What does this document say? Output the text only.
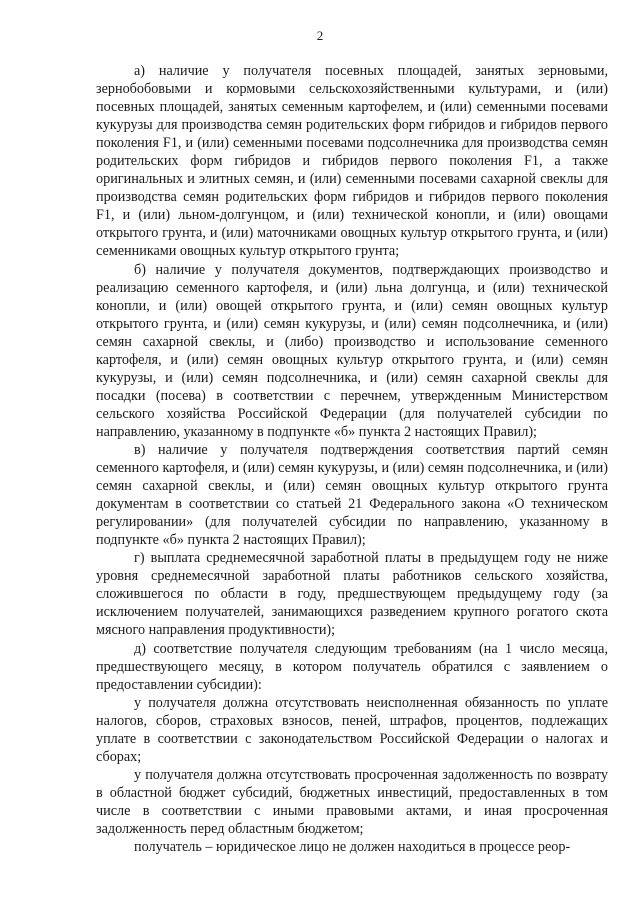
2

а) наличие у получателя посевных площадей, занятых зерновыми, зернобобовыми и кормовыми сельскохозяйственными культурами, и (или) посевных площадей, занятых семенным картофелем, и (или) семенными посевами кукурузы для производства семян родительских форм гибридов и гибридов первого поколения F1, и (или) семенными посевами подсолнечника для производства семян родительских форм гибридов и гибридов первого поколения F1, а также оригинальных и элитных семян, и (или) семенными посевами сахарной свеклы для производства семян родительских форм гибридов и гибридов первого поколения F1, и (или) льном-долгунцом, и (или) технической конопли, и (или) овощами открытого грунта, и (или) маточниками овощных культур открытого грунта, и (или) семенниками овощных культур открытого грунта;

б) наличие у получателя документов, подтверждающих производство и реализацию семенного картофеля, и (или) льна долгунца, и (или) технической конопли, и (или) овощей открытого грунта, и (или) семян овощных культур открытого грунта, и (или) семян кукурузы, и (или) семян подсолнечника, и (или) семян сахарной свеклы, и (либо) производство и использование семенного картофеля, и (или) семян овощных культур открытого грунта, и (или) семян кукурузы, и (или) семян подсолнечника, и (или) семян сахарной свеклы для посадки (посева) в соответствии с перечнем, утвержденным Министерством сельского хозяйства Российской Федерации (для получателей субсидии по направлению, указанному в подпункте «б» пункта 2 настоящих Правил);

в) наличие у получателя подтверждения соответствия партий семян семенного картофеля, и (или) семян кукурузы, и (или) семян подсолнечника, и (или) семян сахарной свеклы, и (или) семян овощных культур открытого грунта документам в соответствии со статьей 21 Федерального закона «О техническом регулировании» (для получателей субсидии по направлению, указанному в подпункте «б» пункта 2 настоящих Правил);

г) выплата среднемесячной заработной платы в предыдущем году не ниже уровня среднемесячной заработной платы работников сельского хозяйства, сложившегося по области в году, предшествующем предыдущему году (за исключением получателей, занимающихся разведением крупного рогатого скота мясного направления продуктивности);

д) соответствие получателя следующим требованиям (на 1 число месяца, предшествующего месяцу, в котором получатель обратился с заявлением о предоставлении субсидии):

у получателя должна отсутствовать неисполненная обязанность по уплате налогов, сборов, страховых взносов, пеней, штрафов, процентов, подлежащих уплате в соответствии с законодательством Российской Федерации о налогах и сборах;

у получателя должна отсутствовать просроченная задолженность по возврату в областной бюджет субсидий, бюджетных инвестиций, предоставленных в том числе в соответствии с иными правовыми актами, и иная просроченная задолженность перед областным бюджетом;

получатель – юридическое лицо не должен находиться в процессе реор-
